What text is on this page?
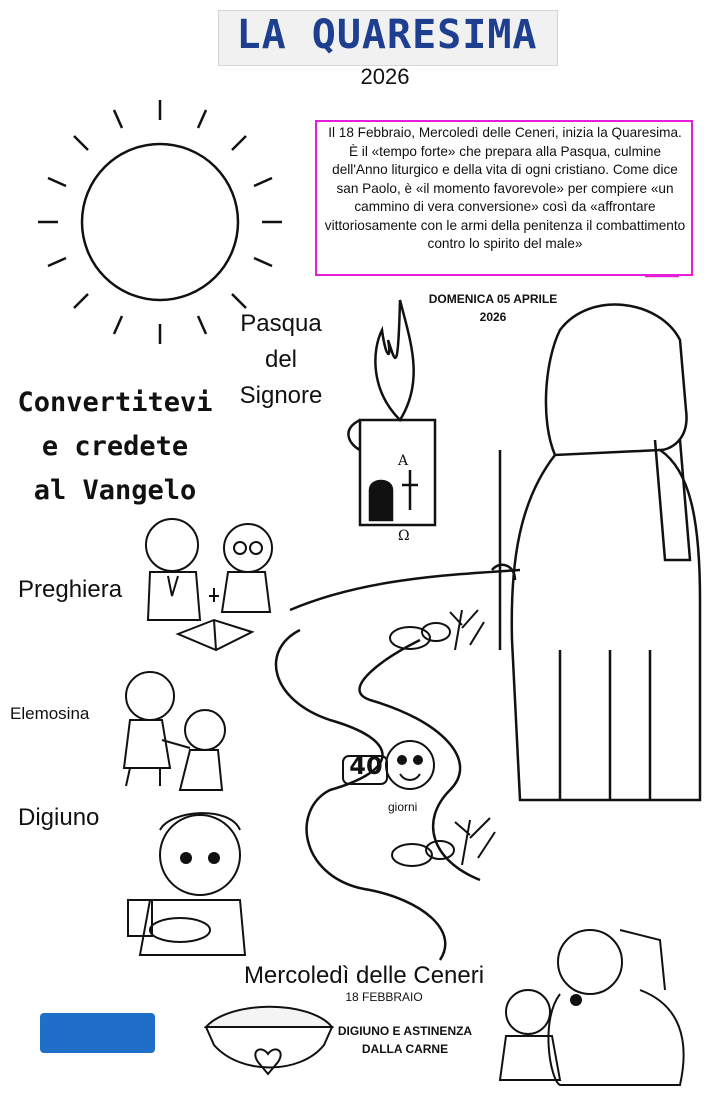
A
Ω
LA QUARESIMA
2026
Il 18 Febbraio, Mercoledì delle Ceneri, inizia la Quaresima. È il «tempo forte» che prepara alla Pasqua, culmine dell'Anno liturgico e della vita di ogni cristiano. Come dice san Paolo, è «il momento favorevole» per compiere «un cammino di vera conversione» così da «affrontare vittoriosamente con le armi della penitenza il combattimento contro lo spirito del male»
DOMENICA 05 APRILE
2026
Pasqua
del
Signore
Convertitevi
e credete
al Vangelo
Preghiera
Elemosina
Digiuno
40
giorni
Mercoledì delle Ceneri
18 FEBBRAIO
DIGIUNO E ASTINENZA
DALLA CARNE
